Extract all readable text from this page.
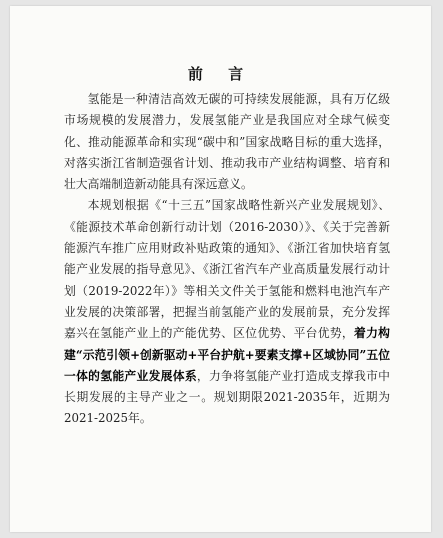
前 言

氢能是一种清洁高效无碳的可持续发展能源，具有万亿级市场规模的发展潜力，发展氢能产业是我国应对全球气候变化、推动能源革命和实现“碳中和”国家战略目标的重大选择，对落实浙江省制造强省计划、推动我市产业结构调整、培育和壮大高端制造新动能具有深远意义。

本规划根据《“十三五”国家战略性新兴产业发展规划》、《能源技术革命创新行动计划（2016-2030）》、《关于完善新能源汽车推广应用财政补贴政策的通知》、《浙江省加快培育氢能产业发展的指导意见》、《浙江省汽车产业高质量发展行动计划（2019-2022年）》等相关文件关于氢能和燃料电池汽车产业发展的决策部署，把握当前氢能产业的发展前景，充分发挥嘉兴在氢能产业上的产能优势、区位优势、平台优势，着力构建“示范引领+创新驱动+平台护航+要素支撑+区域协同”五位一体的氢能产业发展体系，力争将氢能产业打造成支撑我市中长期发展的主导产业之一。规划期限2021-2035年，近期为2021-2025年。
